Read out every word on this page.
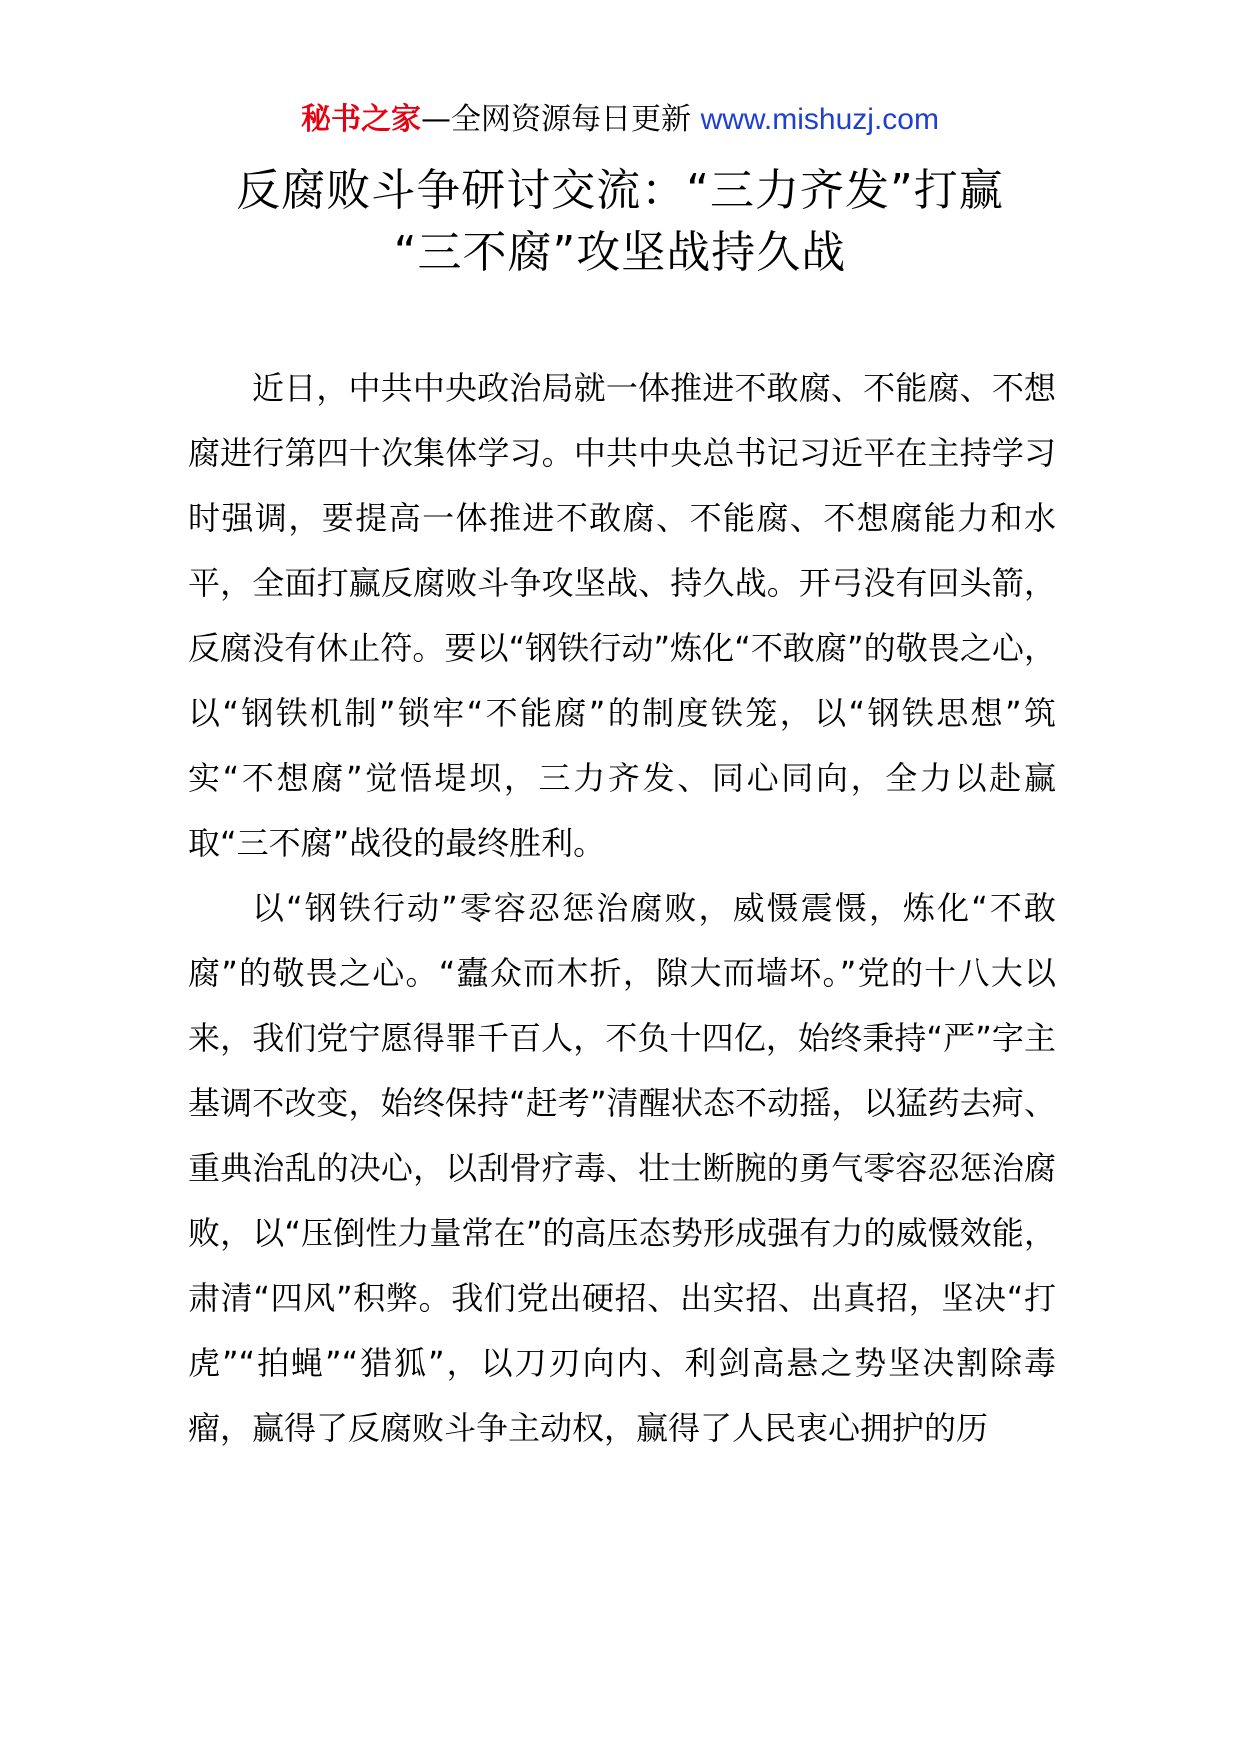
秘书之家—全网资源每日更新 www.mishuzj.com
反腐败斗争研讨交流：“三力齐发”打赢
“三不腐”攻坚战持久战

近日，中共中央政治局就一体推进不敢腐、不能腐、不想腐进行第四十次集体学习。中共中央总书记习近平在主持学习时强调，要提高一体推进不敢腐、不能腐、不想腐能力和水平，全面打赢反腐败斗争攻坚战、持久战。开弓没有回头箭，反腐没有休止符。要以“钢铁行动”炼化“不敢腐”的敬畏之心，以“钢铁机制”锁牢“不能腐”的制度铁笼，以“钢铁思想”筑实“不想腐”觉悟堤坝，三力齐发、同心同向，全力以赴赢取“三不腐”战役的最终胜利。

以“钢铁行动”零容忍惩治腐败，威慑震慑，炼化“不敢腐”的敬畏之心。“蠹众而木折，隙大而墙坏。”党的十八大以来，我们党宁愿得罪千百人，不负十四亿，始终秉持“严”字主基调不改变，始终保持“赶考”清醒状态不动摇，以猛药去疴、重典治乱的决心，以刮骨疗毒、壮士断腕的勇气零容忍惩治腐败，以“压倒性力量常在”的高压态势形成强有力的威慑效能，肃清“四风”积弊。我们党出硬招、出实招、出真招，坚决“打虎”“拍蝇”“猎狐”，以刀刃向内、利剑高悬之势坚决割除毒瘤，赢得了反腐败斗争主动权，赢得了人民衷心拥护的历
